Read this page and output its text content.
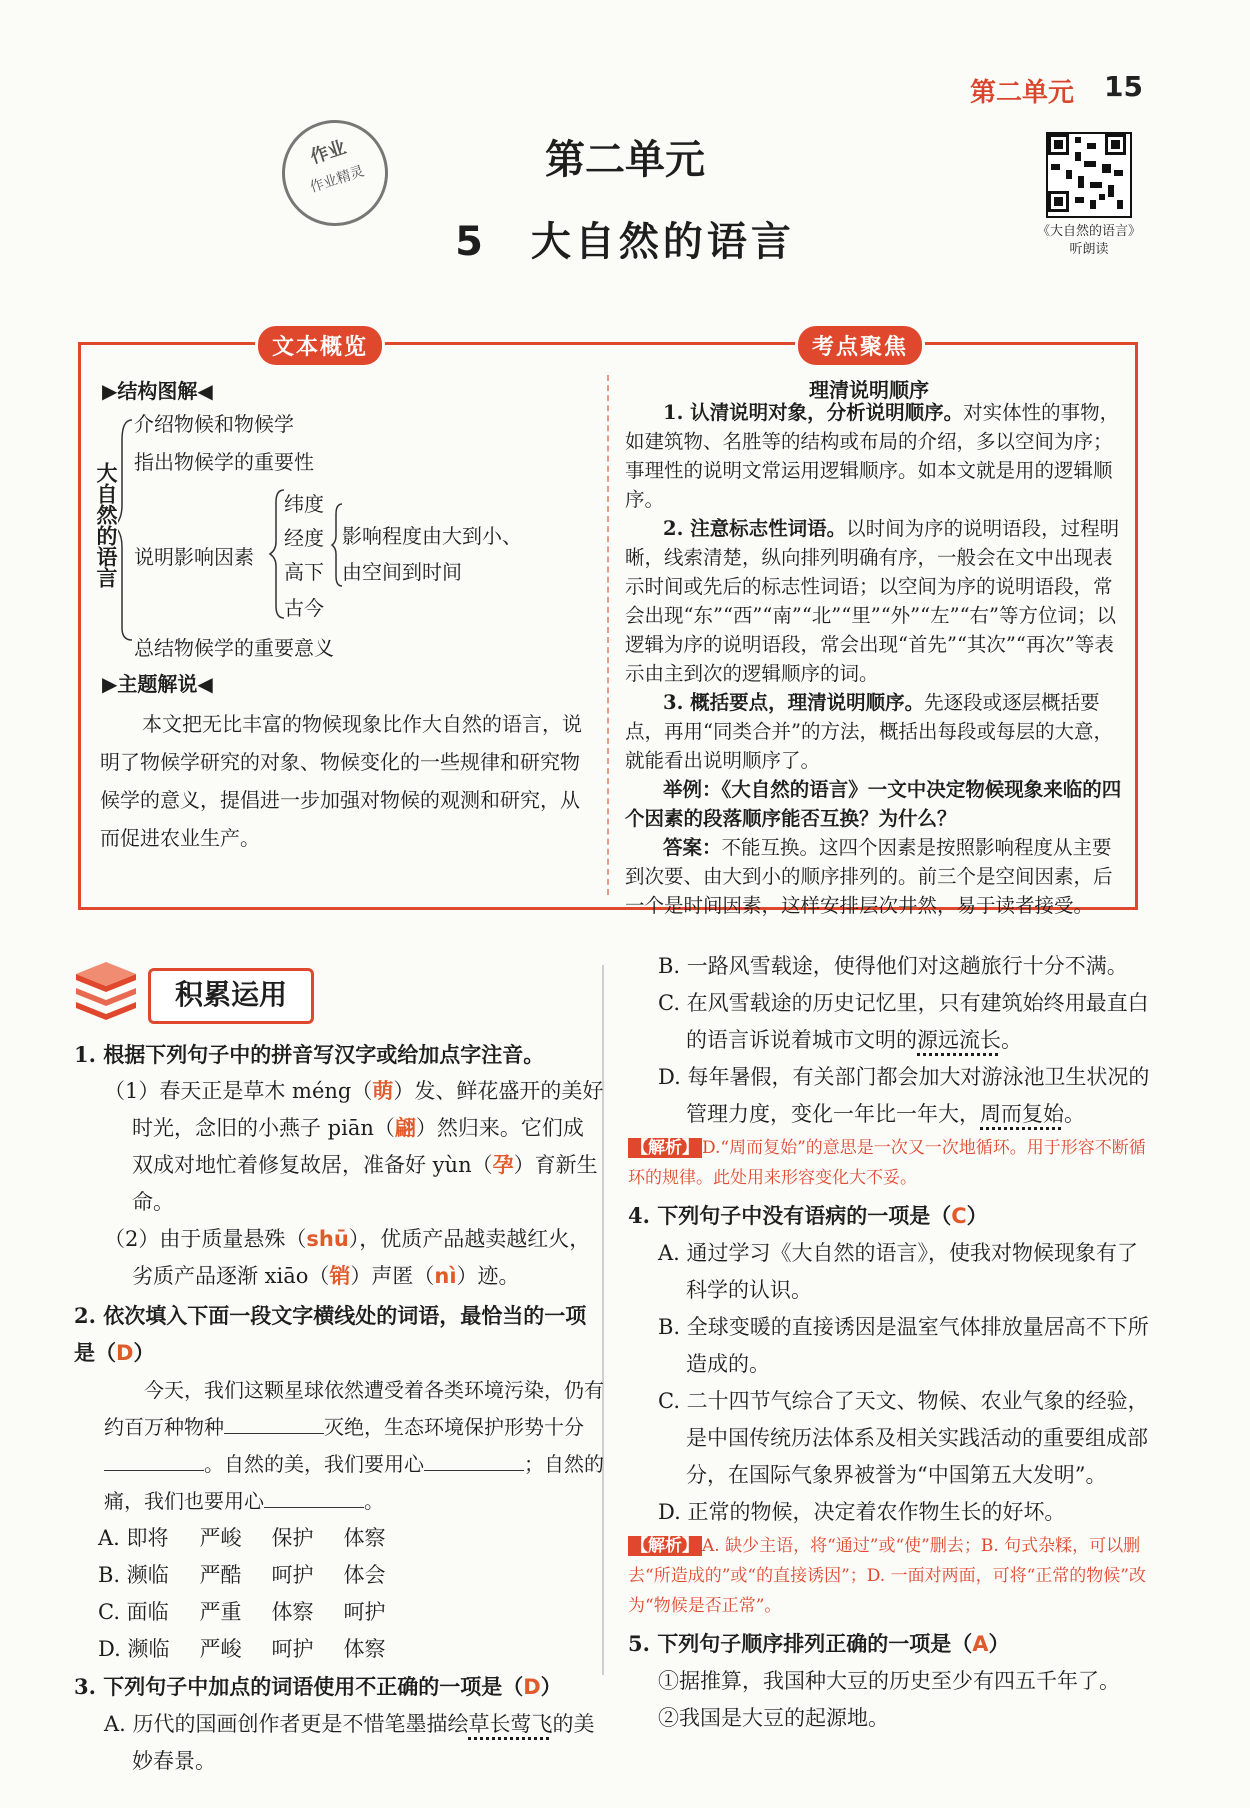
第二单元 15
作业
作业精灵
《大自然的语言》
听朗读
第二单元
5　大自然的语言
文本概览	考点聚焦
▶结构图解◀
大自然的语言
介绍物候和物候学
指出物候学的重要性
说明影响因素
总结物候学的重要意义
纬度
经度
高下
古今
影响程度由大到小、
由空间到时间
▶主题解说◀
本文把无比丰富的物候现象比作大自然的语言，说明了物候学研究的对象、物候变化的一些规律和研究物候学的意义，提倡进一步加强对物候的观测和研究，从而促进农业生产。
理清说明顺序

1. 认清说明对象，分析说明顺序。对实体性的事物，如建筑物、名胜等的结构或布局的介绍，多以空间为序；事理性的说明文常运用逻辑顺序。如本文就是用的逻辑顺序。

2. 注意标志性词语。以时间为序的说明语段，过程明晰，线索清楚，纵向排列明确有序，一般会在文中出现表示时间或先后的标志性词语；以空间为序的说明语段，常会出现“东”“西”“南”“北”“里”“外”“左”“右”等方位词；以逻辑为序的说明语段，常会出现“首先”“其次”“再次”等表示由主到次的逻辑顺序的词。

3. 概括要点，理清说明顺序。先逐段或逐层概括要点，再用“同类合并”的方法，概括出每段或每层的大意，就能看出说明顺序了。

举例：《大自然的语言》一文中决定物候现象来临的四个因素的段落顺序能否互换？为什么？

答案：不能互换。这四个因素是按照影响程度从主要到次要、由大到小的顺序排列的。前三个是空间因素，后一个是时间因素，这样安排层次井然，易于读者接受。

积累运用
1. 根据下列句子中的拼音写汉字或给加点字注音。
（1）春天正是草木 méng（萌）发、鲜花盛开的美好时光，念旧的小燕子 piān（翩）然归来。它们成双成对地忙着修复故居，准备好 yùn（孕）育新生命。
（2）由于质量悬殊（shū），优质产品越卖越红火，劣质产品逐渐 xiāo（销）声匿（nì）迹。
2. 依次填入下面一段文字横线处的词语，最恰当的一项是（D）
今天，我们这颗星球依然遭受着各类环境污染，仍有约百万种物种	灭绝，生态环境保护形势十分。自然的美，我们要用心	；自然的痛，我们也要用心	。
A. 即将	严峻	保护	体察
B. 濒临	严酷	呵护	体会
C. 面临	严重	体察	呵护
D. 濒临	严峻	呵护	体察
3. 下列句子中加点的词语使用不正确的一项是（D）
A. 历代的国画创作者更是不惜笔墨描绘草长莺飞的美妙春景。
B. 一路风雪载途，使得他们对这趟旅行十分不满。
C. 在风雪载途的历史记忆里，只有建筑始终用最直白的语言诉说着城市文明的源远流长。
D. 每年暑假，有关部门都会加大对游泳池卫生状况的管理力度，变化一年比一年大，周而复始。
【解析】 D.“周而复始”的意思是一次又一次地循环。用于形容不断循环的规律。此处用来形容变化大不妥。
4. 下列句子中没有语病的一项是（C）
A. 通过学习《大自然的语言》，使我对物候现象有了科学的认识。
B. 全球变暖的直接诱因是温室气体排放量居高不下所造成的。
C. 二十四节气综合了天文、物候、农业气象的经验，是中国传统历法体系及相关实践活动的重要组成部分，在国际气象界被誉为“中国第五大发明”。
D. 正常的物候，决定着农作物生长的好坏。
【解析】 A. 缺少主语，将“通过”或“使”删去；B. 句式杂糅，可以删去“所造成的”或“的直接诱因”；D. 一面对两面，可将“正常的物候”改为“物候是否正常”。
5. 下列句子顺序排列正确的一项是（A）
①据推算，我国种大豆的历史至少有四五千年了。
②我国是大豆的起源地。
